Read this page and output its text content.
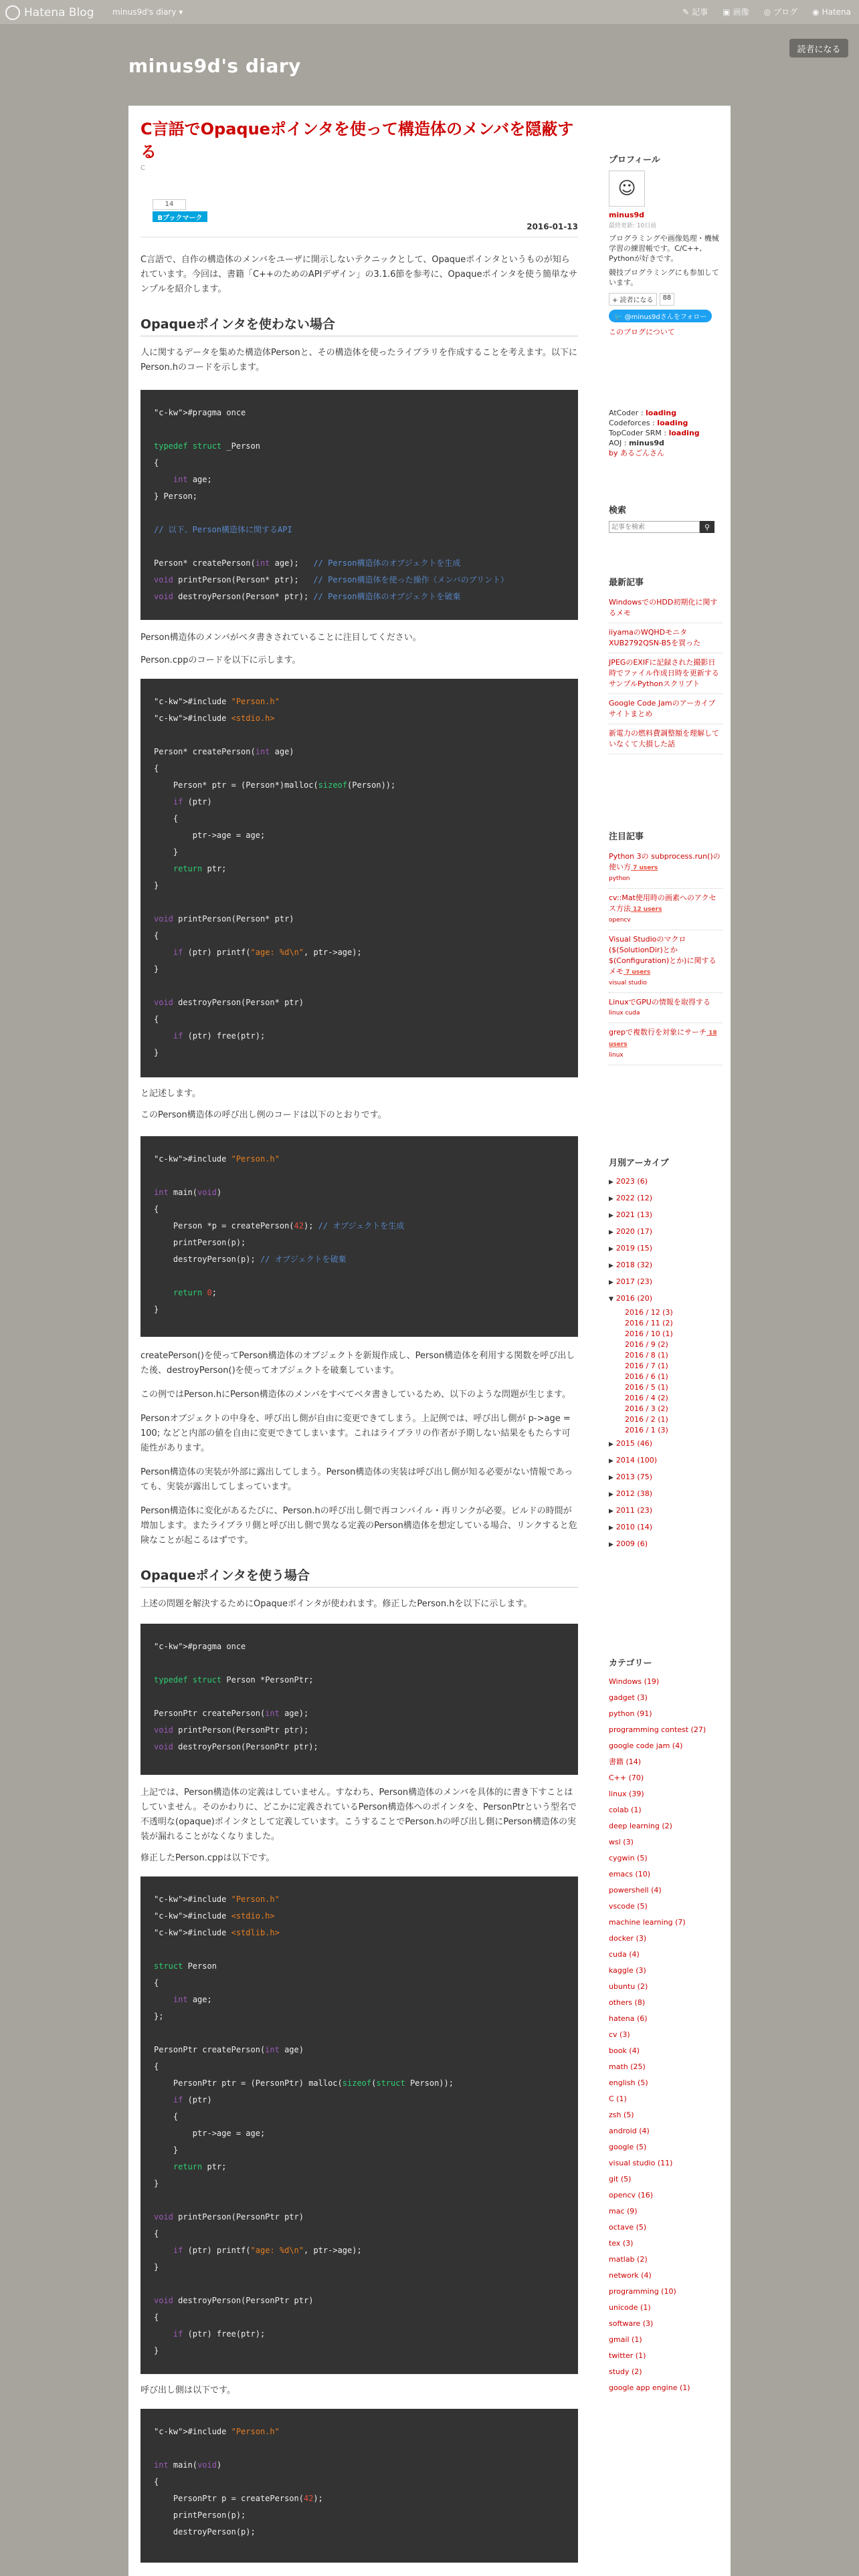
Hatena Blog minus9d's diary ▾	✎ 記事 ▣ 画像 ◎ ブログ ◉ Hatena
minus9d's diary
読者になる
C言語でOpaqueポインタを使って構造体のメンバを隠蔽する
C
14
Bブックマーク
2016-01-13

C言語で、自作の構造体のメンバをユーザに開示しないテクニックとして、Opaqueポインタというものが知られています。今回は、書籍「C++のためのAPIデザイン」の3.1.6節を参考に、Opaqueポインタを使う簡単なサンプルを紹介します。

Opaqueポインタを使わない場合

人に関するデータを集めた構造体Personと、その構造体を使ったライブラリを作成することを考えます。以下にPerson.hのコードを示します。

"c-kw">#pragma once

typedef struct _Person
{
int age;
} Person;

// 以下、Person構造体に関するAPI

Person* createPerson(int age);   // Person構造体のオブジェクトを生成
void printPerson(Person* ptr);   // Person構造体を使った操作（メンバのプリント）
void destroyPerson(Person* ptr); // Person構造体のオブジェクトを破棄

Person構造体のメンバがベタ書きされていることに注目してください。

Person.cppのコードを以下に示します。

"c-kw">#include "Person.h"
"c-kw">#include <stdio.h>

Person* createPerson(int age)
{
Person* ptr = (Person*)malloc(sizeof(Person));
if (ptr)
{
ptr->age = age;
}
return ptr;
}

void printPerson(Person* ptr)
{
if (ptr) printf("age: %d\n", ptr->age);
}

void destroyPerson(Person* ptr)
{
if (ptr) free(ptr);
}

と記述します。

このPerson構造体の呼び出し例のコードは以下のとおりです。

"c-kw">#include "Person.h"

int main(void)
{
Person *p = createPerson(42); // オブジェクトを生成
printPerson(p);
destroyPerson(p); // オブジェクトを破棄

return 0;
}

createPerson()を使ってPerson構造体のオブジェクトを新規作成し、Person構造体を利用する関数を呼び出した後、destroyPerson()を使ってオブジェクトを破棄しています。

この例ではPerson.hにPerson構造体のメンバをすべてベタ書きしているため、以下のような問題が生じます。

Personオブジェクトの中身を、呼び出し側が自由に変更できてしまう。上記例では、呼び出し側が p->age = 100; などと内部の値を自由に変更できてしまいます。これはライブラリの作者が予期しない結果をもたらす可能性があります。

Person構造体の実装が外部に露出してしまう。Person構造体の実装は呼び出し側が知る必要がない情報であっても、実装が露出してしまっています。

Person構造体に変化があるたびに、Person.hの呼び出し側で再コンパイル・再リンクが必要。ビルドの時間が増加します。またライブラリ側と呼び出し側で異なる定義のPerson構造体を想定している場合、リンクすると危険なことが起こるはずです。

Opaqueポインタを使う場合

上述の問題を解決するためにOpaqueポインタが使われます。修正したPerson.hを以下に示します。

"c-kw">#pragma once

typedef struct Person *PersonPtr;

PersonPtr createPerson(int age);
void printPerson(PersonPtr ptr);
void destroyPerson(PersonPtr ptr);

上記では、Person構造体の定義はしていません。すなわち、Person構造体のメンバを具体的に書き下すことはしていません。そのかわりに、どこかに定義されているPerson構造体へのポインタを、PersonPtrという型名で不透明な(opaque)ポインタとして定義しています。こうすることでPerson.hの呼び出し側にPerson構造体の実装が漏れることがなくなりました。

修正したPerson.cppは以下です。

"c-kw">#include "Person.h"
"c-kw">#include <stdio.h>
"c-kw">#include <stdlib.h>

struct Person
{
int age;
};

PersonPtr createPerson(int age)
{
PersonPtr ptr = (PersonPtr) malloc(sizeof(struct Person));
if (ptr)
{
ptr->age = age;
}
return ptr;
}

void printPerson(PersonPtr ptr)
{
if (ptr) printf("age: %d\n", ptr->age);
}

void destroyPerson(PersonPtr ptr)
{
if (ptr) free(ptr);
}

呼び出し側は以下です。

"c-kw">#include "Person.h"

int main(void)
{
PersonPtr p = createPerson(42);
printPerson(p);
destroyPerson(p);
プロフィール
☺
minus9d
最終更新: 10日前
プログラミングや画像処理・機械学習の練習帳です。C/C++, Pythonが好きです。
競技プログラミングにも参加しています。
+ 読者になる	88
🐦 @minus9dさんをフォロー
このブログについて
AtCoder : loading
Codeforces : loading
TopCoder SRM : loading
AOJ : minus9d
by あるごんさん
検索
記事を検索
⚲
最新記事
WindowsでのHDD初期化に関するメモ
iiyamaのWQHDモニタXUB2792QSN-B5を買った
JPEGのEXIFに記録された撮影日時でファイル作成日時を更新するサンプルPythonスクリプト
Google Code Jamのアーカイブサイトまとめ
新電力の燃料費調整額を理解していなくて大損した話
注目記事
Python 3の subprocess.run()の使い方 7 users
python
cv::Mat使用時の画素へのアクセス方法 12 users
opencv
Visual Studioのマクロ($(SolutionDir)とか$(Configuration)とか)に関するメモ 7 users
visual studio
LinuxでGPUの情報を取得する
linux cuda
grepで複数行を対象にサーチ 18 users
linux
月別アーカイブ
▶ 2023 (6)
▶ 2022 (12)
▶ 2021 (13)
▶ 2020 (17)
▶ 2019 (15)
▶ 2018 (32)
▶ 2017 (23)
▼ 2016 (20)
2016 / 12 (3)
2016 / 11 (2)
2016 / 10 (1)
2016 / 9 (2)
2016 / 8 (1)
2016 / 7 (1)
2016 / 6 (1)
2016 / 5 (1)
2016 / 4 (2)
2016 / 3 (2)
2016 / 2 (1)
2016 / 1 (3)
▶ 2015 (46)
▶ 2014 (100)
▶ 2013 (75)
▶ 2012 (38)
▶ 2011 (23)
▶ 2010 (14)
▶ 2009 (6)
カテゴリー
Windows (19)
gadget (3)
python (91)
programming contest (27)
google code jam (4)
書籍 (14)
C++ (70)
linux (39)
colab (1)
deep learning (2)
wsl (3)
cygwin (5)
emacs (10)
powershell (4)
vscode (5)
machine learning (7)
docker (3)
cuda (4)
kaggle (3)
ubuntu (2)
others (8)
hatena (6)
cv (3)
book (4)
math (25)
english (5)
C (1)
zsh (5)
android (4)
google (5)
visual studio (11)
git (5)
opencv (16)
mac (9)
octave (5)
tex (3)
matlab (2)
network (4)
programming (10)
unicode (1)
software (3)
gmail (1)
twitter (1)
study (2)
google app engine (1)
